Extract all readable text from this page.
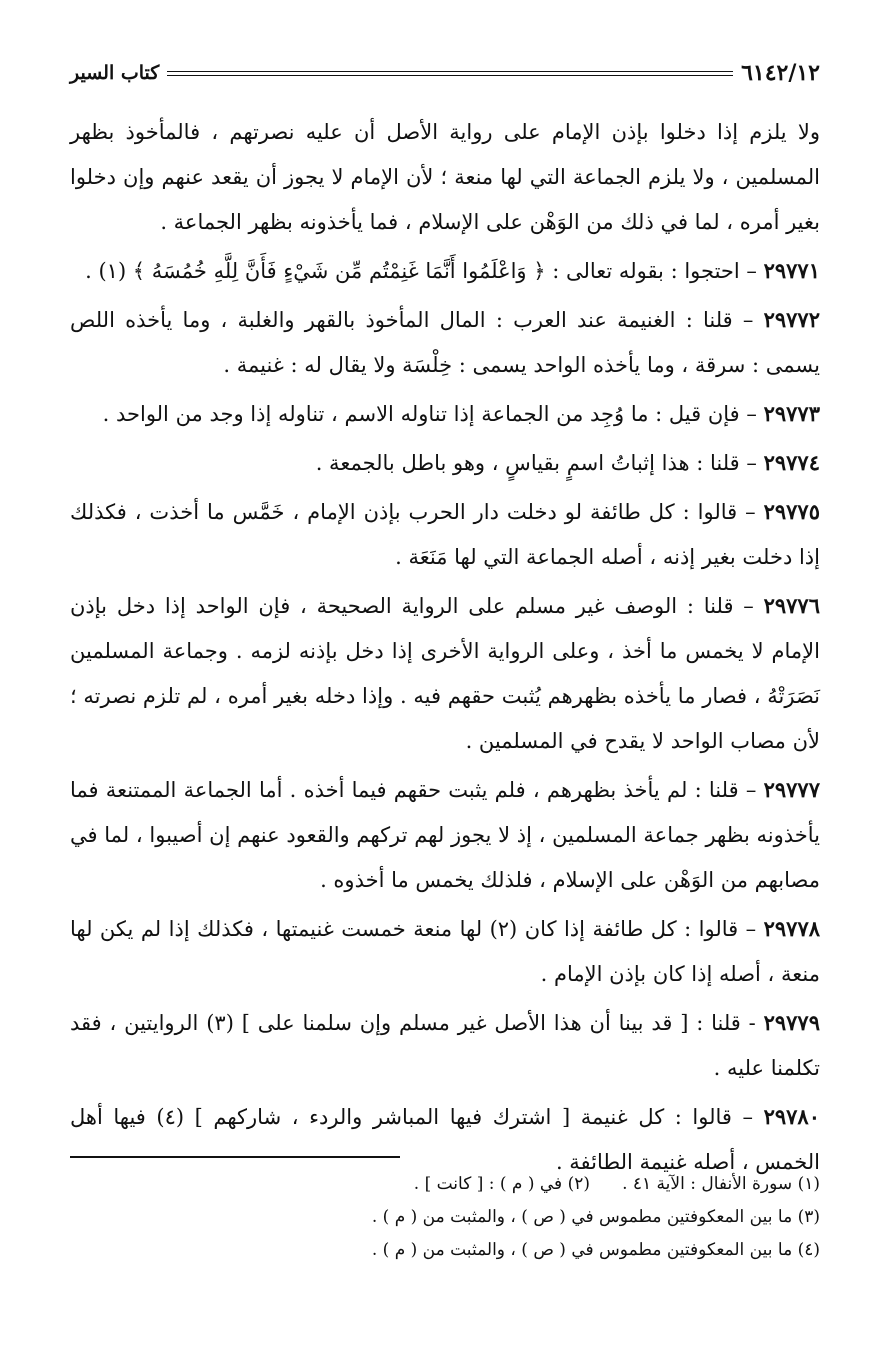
٦١٤٢/١٢
كتاب السير

ولا يلزم إذا دخلوا بإذن الإمام على رواية الأصل أن عليه نصرتهم ، فالمأخوذ بظهر المسلمين ، ولا يلزم الجماعة التي لها منعة ؛ لأن الإمام لا يجوز أن يقعد عنهم وإن دخلوا بغير أمره ، لما في ذلك من الوَهْن على الإسلام ، فما يأخذونه بظهر الجماعة .

٢٩٧٧١ – احتجوا : بقوله تعالى : ﴿ وَاعْلَمُوا أَنَّمَا غَنِمْتُم مِّن شَيْءٍ فَأَنَّ لِلَّهِ خُمُسَهُ ﴾ (١) .

٢٩٧٧٢ – قلنا : الغنيمة عند العرب : المال المأخوذ بالقهر والغلبة ، وما يأخذه اللص يسمى : سرقة ، وما يأخذه الواحد يسمى : خِلْسَة ولا يقال له : غنيمة .

٢٩٧٧٣ – فإن قيل : ما وُجِد من الجماعة إذا تناوله الاسم ، تناوله إذا وجد من الواحد .

٢٩٧٧٤ – قلنا : هذا إثباتُ اسمٍ بقياسٍ ، وهو باطل بالجمعة .

٢٩٧٧٥ – قالوا : كل طائفة لو دخلت دار الحرب بإذن الإمام ، خَمَّس ما أخذت ، فكذلك إذا دخلت بغير إذنه ، أصله الجماعة التي لها مَنَعَة .

٢٩٧٧٦ – قلنا : الوصف غير مسلم على الرواية الصحيحة ، فإن الواحد إذا دخل بإذن الإمام لا يخمس ما أخذ ، وعلى الرواية الأخرى إذا دخل بإذنه لزمه . وجماعة المسلمين نَصَرَتْهُ ، فصار ما يأخذه بظهرهم يُثبت حقهم فيه . وإذا دخله بغير أمره ، لم تلزم نصرته ؛ لأن مصاب الواحد لا يقدح في المسلمين .

٢٩٧٧٧ – قلنا : لم يأخذ بظهرهم ، فلم يثبت حقهم فيما أخذه . أما الجماعة الممتنعة فما يأخذونه بظهر جماعة المسلمين ، إذ لا يجوز لهم تركهم والقعود عنهم إن أصيبوا ، لما في مصابهم من الوَهْن على الإسلام ، فلذلك يخمس ما أخذوه .

٢٩٧٧٨ – قالوا : كل طائفة إذا كان (٢) لها منعة خمست غنيمتها ، فكذلك إذا لم يكن لها منعة ، أصله إذا كان بإذن الإمام .

٢٩٧٧٩ - قلنا : [ قد بينا أن هذا الأصل غير مسلم وإن سلمنا على ] (٣) الروايتين ، فقد تكلمنا عليه .

٢٩٧٨٠ – قالوا : كل غنيمة [ اشترك فيها المباشر والردء ، شاركهم ] (٤) فيها أهل الخمس ، أصله غنيمة الطائفة .

(١) سورة الأنفال : الآية ٤١ .
(٢) في ( م ) : [ كانت ] .
(٣) ما بين المعكوفتين مطموس في ( ص ) ، والمثبت من ( م ) .
(٤) ما بين المعكوفتين مطموس في ( ص ) ، والمثبت من ( م ) .
